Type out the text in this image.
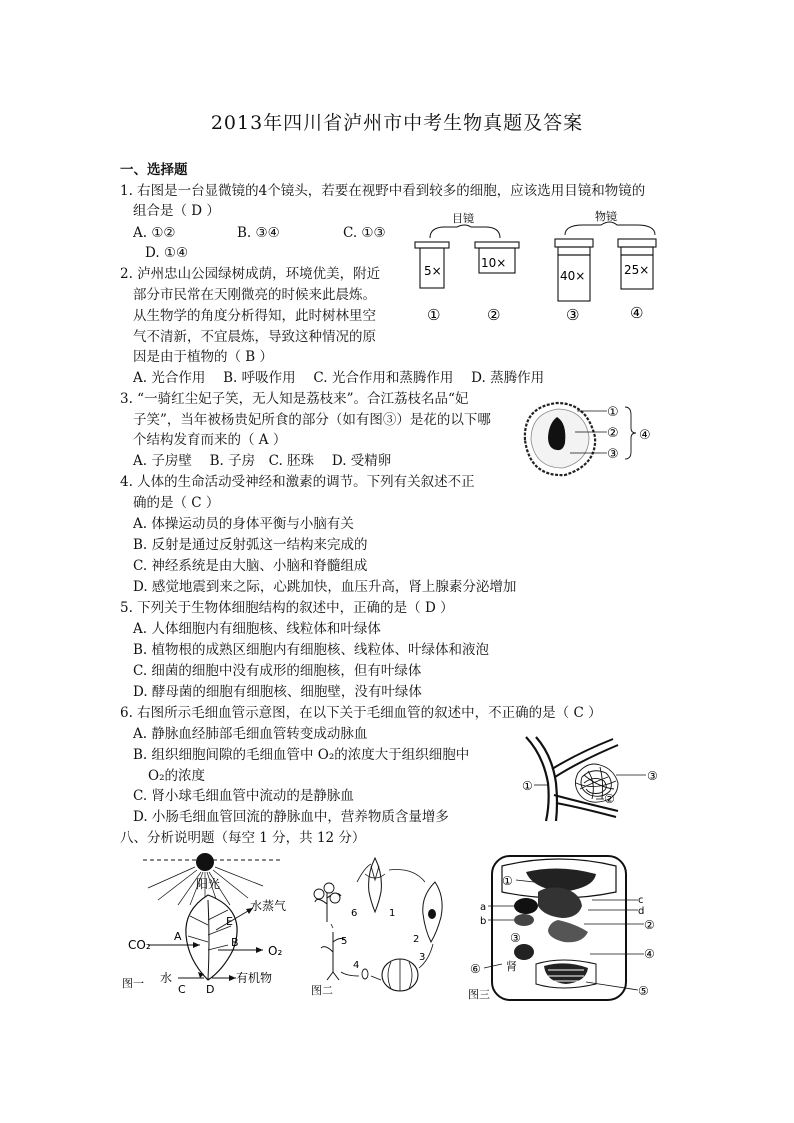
2013年四川省泸州市中考生物真题及答案
一、选择题
1. 右图是一台显微镜的4个镜头，若要在视野中看到较多的细胞，应该选用目镜和物镜的
组合是（ D ）
A. ①②	B. ③④	C. ①③
D. ①④
目镜	物镜
5×
10×
40×	25×
①	②	③	④
2. 泸州忠山公园绿树成荫，环境优美，附近
部分市民常在天刚微亮的时候来此晨炼。
从生物学的角度分析得知，此时树林里空
气不清新，不宜晨炼，导致这种情况的原
因是由于植物的（ B ）
A. 光合作用　 B. 呼吸作用　 C. 光合作用和蒸腾作用　 D. 蒸腾作用
3. “一骑红尘妃子笑，无人知是荔枝来”。合江荔枝名品“妃
子笑”，当年被杨贵妃所食的部分（如有图③）是花的以下哪
个结构发育而来的（ A ）
A. 子房壁　 B. 子房　C. 胚珠　 D. 受精卵
①
②
③
④
4. 人体的生命活动受神经和激素的调节。下列有关叙述不正
确的是（ C ）
A. 体操运动员的身体平衡与小脑有关
B. 反射是通过反射弧这一结构来完成的
C. 神经系统是由大脑、小脑和脊髓组成
D. 感觉地震到来之际，心跳加快，血压升高，肾上腺素分泌增加
5. 下列关于生物体细胞结构的叙述中，正确的是（ D ）
A. 人体细胞内有细胞核、线粒体和叶绿体
B. 植物根的成熟区细胞内有细胞核、线粒体、叶绿体和液泡
C. 细菌的细胞中没有成形的细胞核，但有叶绿体
D. 酵母菌的细胞有细胞核、细胞壁，没有叶绿体
6. 右图所示毛细血管示意图，在以下关于毛细血管的叙述中，不正确的是（ C ）
A. 静脉血经肺部毛细血管转变成动脉血
B. 组织细胞间隙的毛细血管中 O₂的浓度大于组织细胞中
O₂的浓度
C. 肾小球毛细血管中流动的是静脉血
D. 小肠毛细血管回流的静脉血中，营养物质含量增多
①
③
②
八、分析说明题（每空 1 分，共 12 分）
阳光
E
水蒸气
CO₂
A	B
O₂
水
C D
有机物
图一
1
2
3
4
5
6
图二
①
a
b
c
d
②
③
④
肾
⑥
⑤
图三
